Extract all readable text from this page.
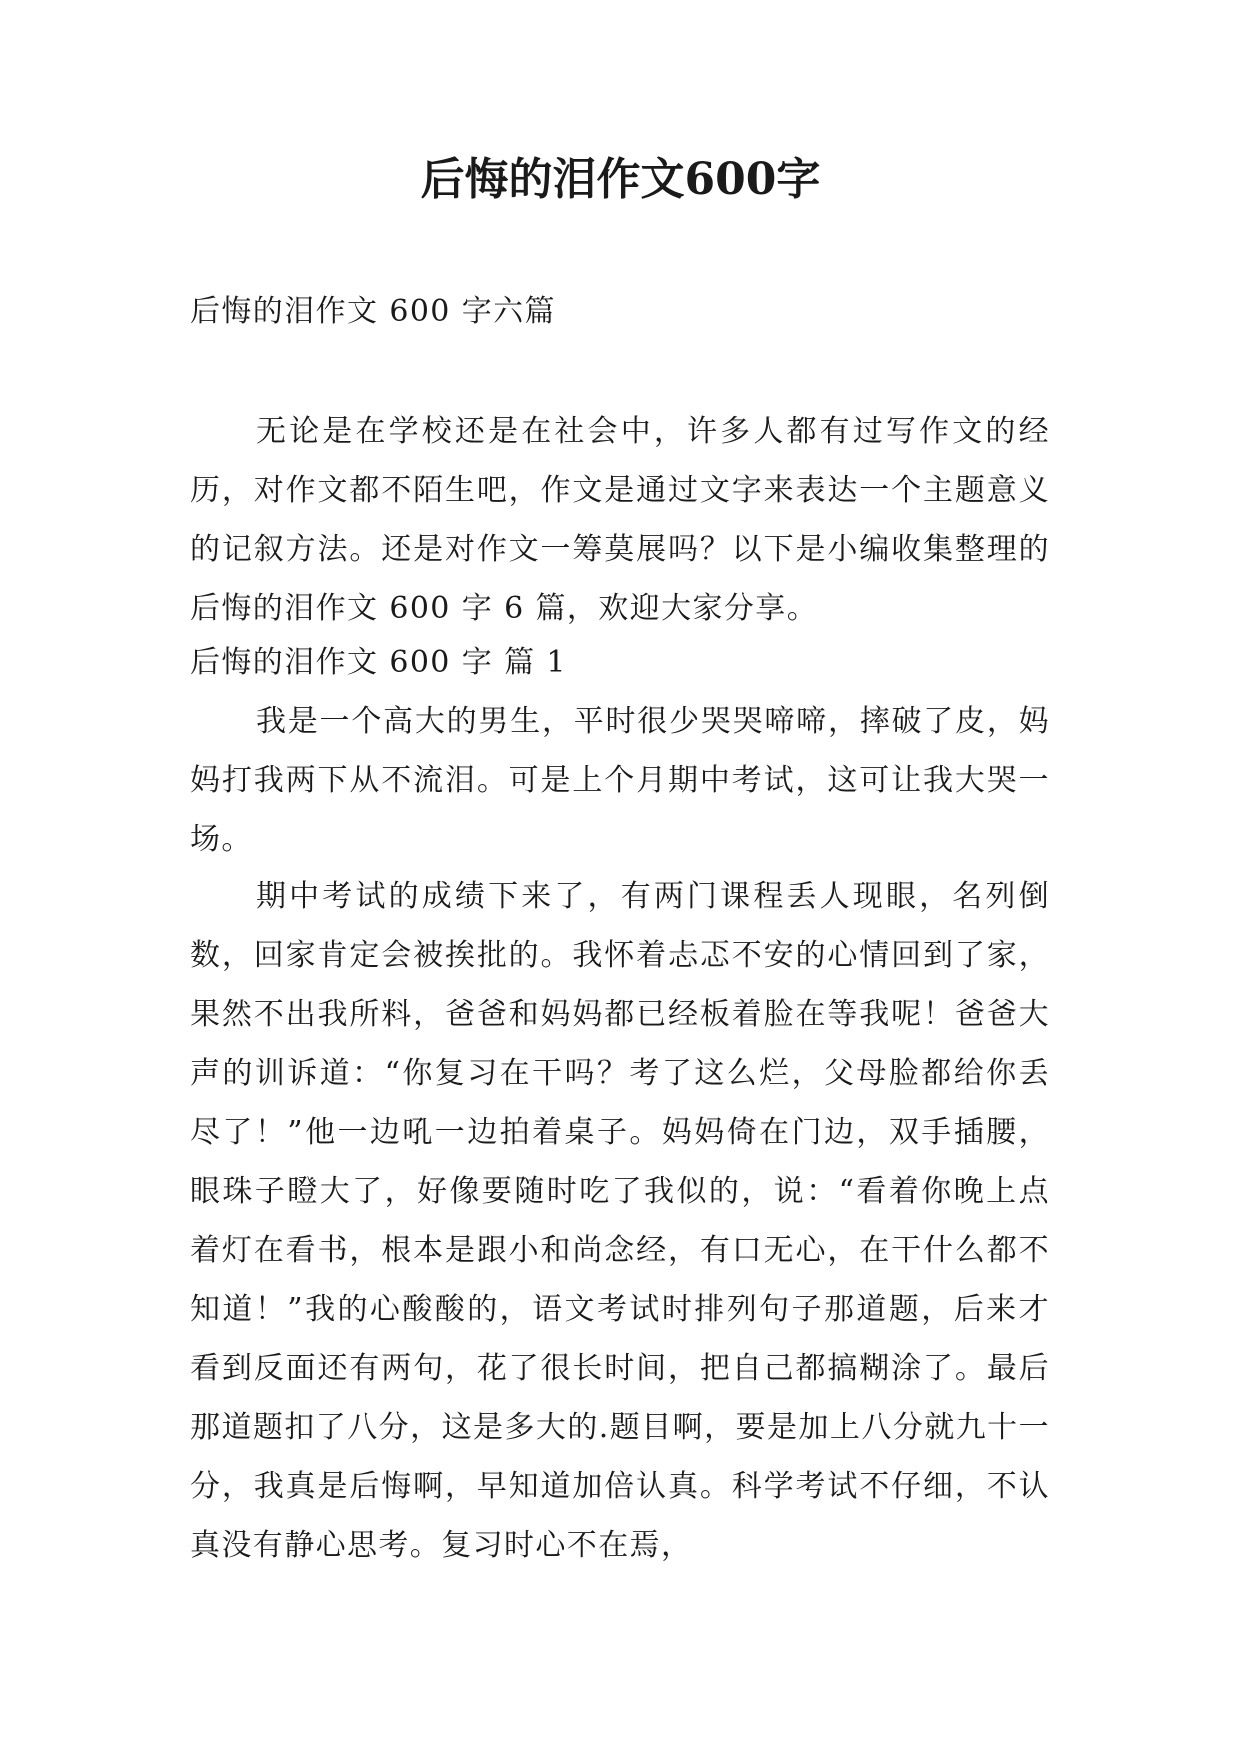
后悔的泪作文600字

后悔的泪作文 600 字六篇

无论是在学校还是在社会中，许多人都有过写作文的经历，对作文都不陌生吧，作文是通过文字来表达一个主题意义的记叙方法。还是对作文一筹莫展吗？以下是小编收集整理的后悔的泪作文 600 字 6 篇，欢迎大家分享。

后悔的泪作文 600 字 篇 1

我是一个高大的男生，平时很少哭哭啼啼，摔破了皮，妈妈打我两下从不流泪。可是上个月期中考试，这可让我大哭一场。

期中考试的成绩下来了，有两门课程丢人现眼，名列倒数，回家肯定会被挨批的。我怀着忐忑不安的心情回到了家，果然不出我所料，爸爸和妈妈都已经板着脸在等我呢！爸爸大声的训诉道：“你复习在干吗？考了这么烂，父母脸都给你丢尽了！”他一边吼一边拍着桌子。妈妈倚在门边，双手插腰，眼珠子瞪大了，好像要随时吃了我似的，说：“看着你晚上点着灯在看书，根本是跟小和尚念经，有口无心，在干什么都不知道！”我的心酸酸的，语文考试时排列句子那道题，后来才看到反面还有两句，花了很长时间，把自己都搞糊涂了。最后那道题扣了八分，这是多大的.题目啊，要是加上八分就九十一分，我真是后悔啊，早知道加倍认真。科学考试不仔细，不认真没有静心思考。复习时心不在焉，
